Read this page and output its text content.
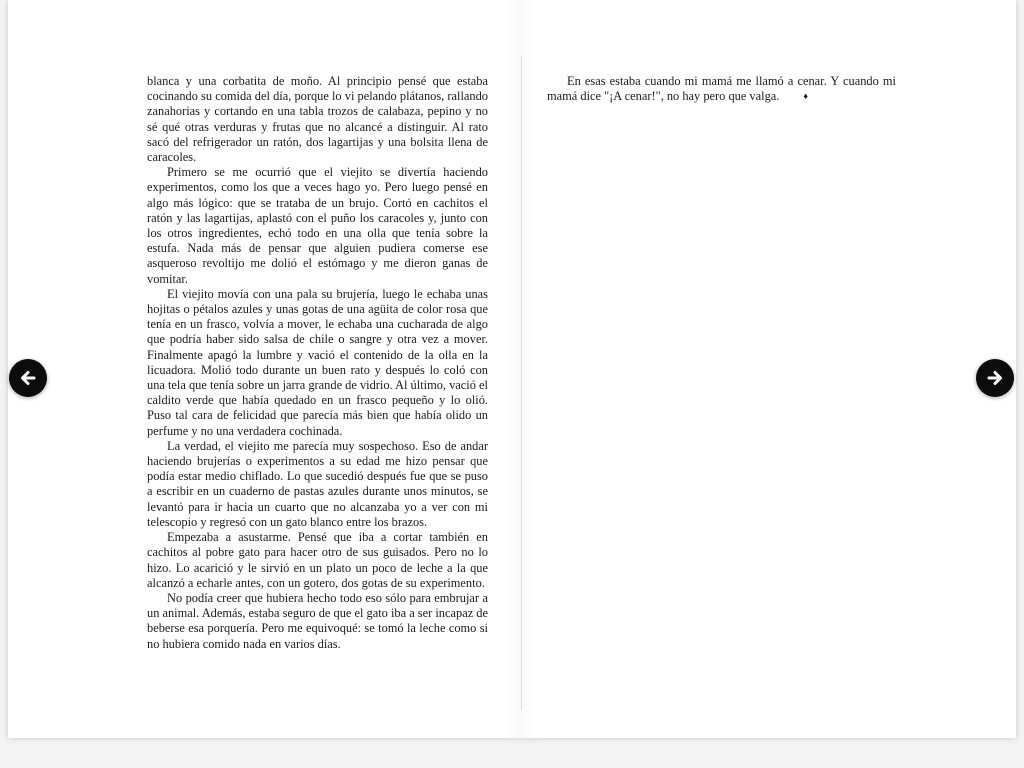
blanca y una corbatita de moño. Al principio pensé que estaba cocinando su comida del día, porque lo vi pelando plátanos, rallando zanahorias y cortando en una tabla trozos de calabaza, pepino y no sé qué otras verduras y frutas que no alcancé a distinguir. Al rato sacó del refrigerador un ratón, dos lagartijas y una bolsita llena de caracoles.

Primero se me ocurrió que el viejito se divertía haciendo experimentos, como los que a veces hago yo. Pero luego pensé en algo más lógico: que se trataba de un brujo. Cortó en cachitos el ratón y las lagartijas, aplastó con el puño los caracoles y, junto con los otros ingredientes, echó todo en una olla que tenía sobre la estufa. Nada más de pensar que alguien pudiera comerse ese asqueroso revoltijo me dolió el estómago y me dieron ganas de vomitar.

El viejito movía con una pala su brujería, luego le echaba unas hojitas o pétalos azules y unas gotas de una agüita de color rosa que tenía en un frasco, volvía a mover, le echaba una cucharada de algo que podría haber sido salsa de chile o sangre y otra vez a mover. Finalmente apagó la lumbre y vació el contenido de la olla en la licuadora. Molió todo durante un buen rato y después lo coló con una tela que tenía sobre un jarra grande de vidrio. Al último, vació el caldito verde que había quedado en un frasco pequeño y lo olió. Puso tal cara de felicidad que parecía más bien que había olido un perfume y no una verdadera cochinada.

La verdad, el viejito me parecía muy sospechoso. Eso de andar haciendo brujerías o experimentos a su edad me hizo pensar que podía estar medio chiflado. Lo que sucedió después fue que se puso a escribir en un cuaderno de pastas azules durante unos minutos, se levantó para ir hacia un cuarto que no alcanzaba yo a ver con mi telescopio y regresó con un gato blanco entre los brazos.

Empezaba a asustarme. Pensé que iba a cortar también en cachitos al pobre gato para hacer otro de sus guisados. Pero no lo hizo. Lo acarició y le sirvió en un plato un poco de leche a la que alcanzó a echarle antes, con un gotero, dos gotas de su experimento.

No podía creer que hubiera hecho todo eso sólo para embrujar a un animal. Además, estaba seguro de que el gato iba a ser incapaz de beberse esa porquería. Pero me equivoqué: se tomó la leche como si no hubiera comido nada en varios días.

En esas estaba cuando mi mamá me llamó a cenar. Y cuando mi mamá dice "¡A cenar!", no hay pero que valga.	♦
